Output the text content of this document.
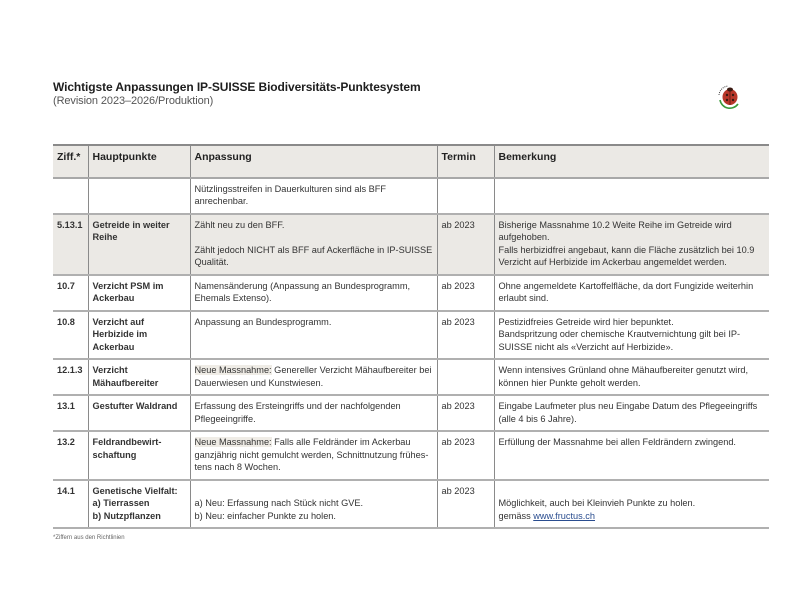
Wichtigste Anpassungen IP-SUISSE Biodiversitäts-Punktesystem
(Revision 2023–2026/Produktion)
Ziff.*	Hauptpunkte	Anpassung	Termin	Bemerkung
		Nützlingsstreifen in Dauerkulturen sind als BFF anrechenbar.		
5.13.1	Getreide in weiter Reihe	Zählt neu zu den BFF.
Zählt jedoch NICHT als BFF auf Ackerfläche in IP-SUISSE Qualität.	ab 2023	Bisherige Massnahme 10.2 Weite Reihe im Getreide wird aufgehoben.
Falls herbizidfrei angebaut, kann die Fläche zusätzlich bei 10.9 Verzicht auf Herbizide im Ackerbau angemeldet werden.
10.7	Verzicht PSM im Ackerbau	Namensänderung (Anpassung an Bundesprogramm, Ehemals Extenso).	ab 2023	Ohne angemeldete Kartoffelfläche, da dort Fungizide weiterhin erlaubt sind.
10.8	Verzicht auf Herbizide im Ackerbau	Anpassung an Bundesprogramm.	ab 2023	Pestizidfreies Getreide wird hier bepunktet.
Bandspritzung oder chemische Krautvernichtung gilt bei IP-SUISSE nicht als «Verzicht auf Herbizide».
12.1.3	Verzicht Mähaufbereiter	Neue Massnahme: Genereller Verzicht Mähaufbereiter bei Dauerwiesen und Kunstwiesen.		Wenn intensives Grünland ohne Mähaufbereiter genutzt wird, können hier Punkte geholt werden.
13.1	Gestufter Waldrand	Erfassung des Ersteingriffs und der nachfolgenden Pflegeeingriffe.	ab 2023	Eingabe Laufmeter plus neu Eingabe Datum des Pflegeeingriffs (alle 4 bis 6 Jahre).
13.2	Feldrandbewirtschaftung	Neue Massnahme: Falls alle Feldränder im Ackerbau ganzjährig nicht gemulcht werden, Schnittnutzung frühestens nach 8 Wochen.	ab 2023	Erfüllung der Massnahme bei allen Feldrändern zwingend.
14.1	Genetische Vielfalt:
a) Tierrassen
b) Nutzpflanzen	a) Neu: Erfassung nach Stück nicht GVE.
b) Neu: einfacher Punkte zu holen.	ab 2023	Möglichkeit, auch bei Kleinvieh Punkte zu holen.
gemäss www.fructus.ch
*Ziffern aus den Richtlinien
